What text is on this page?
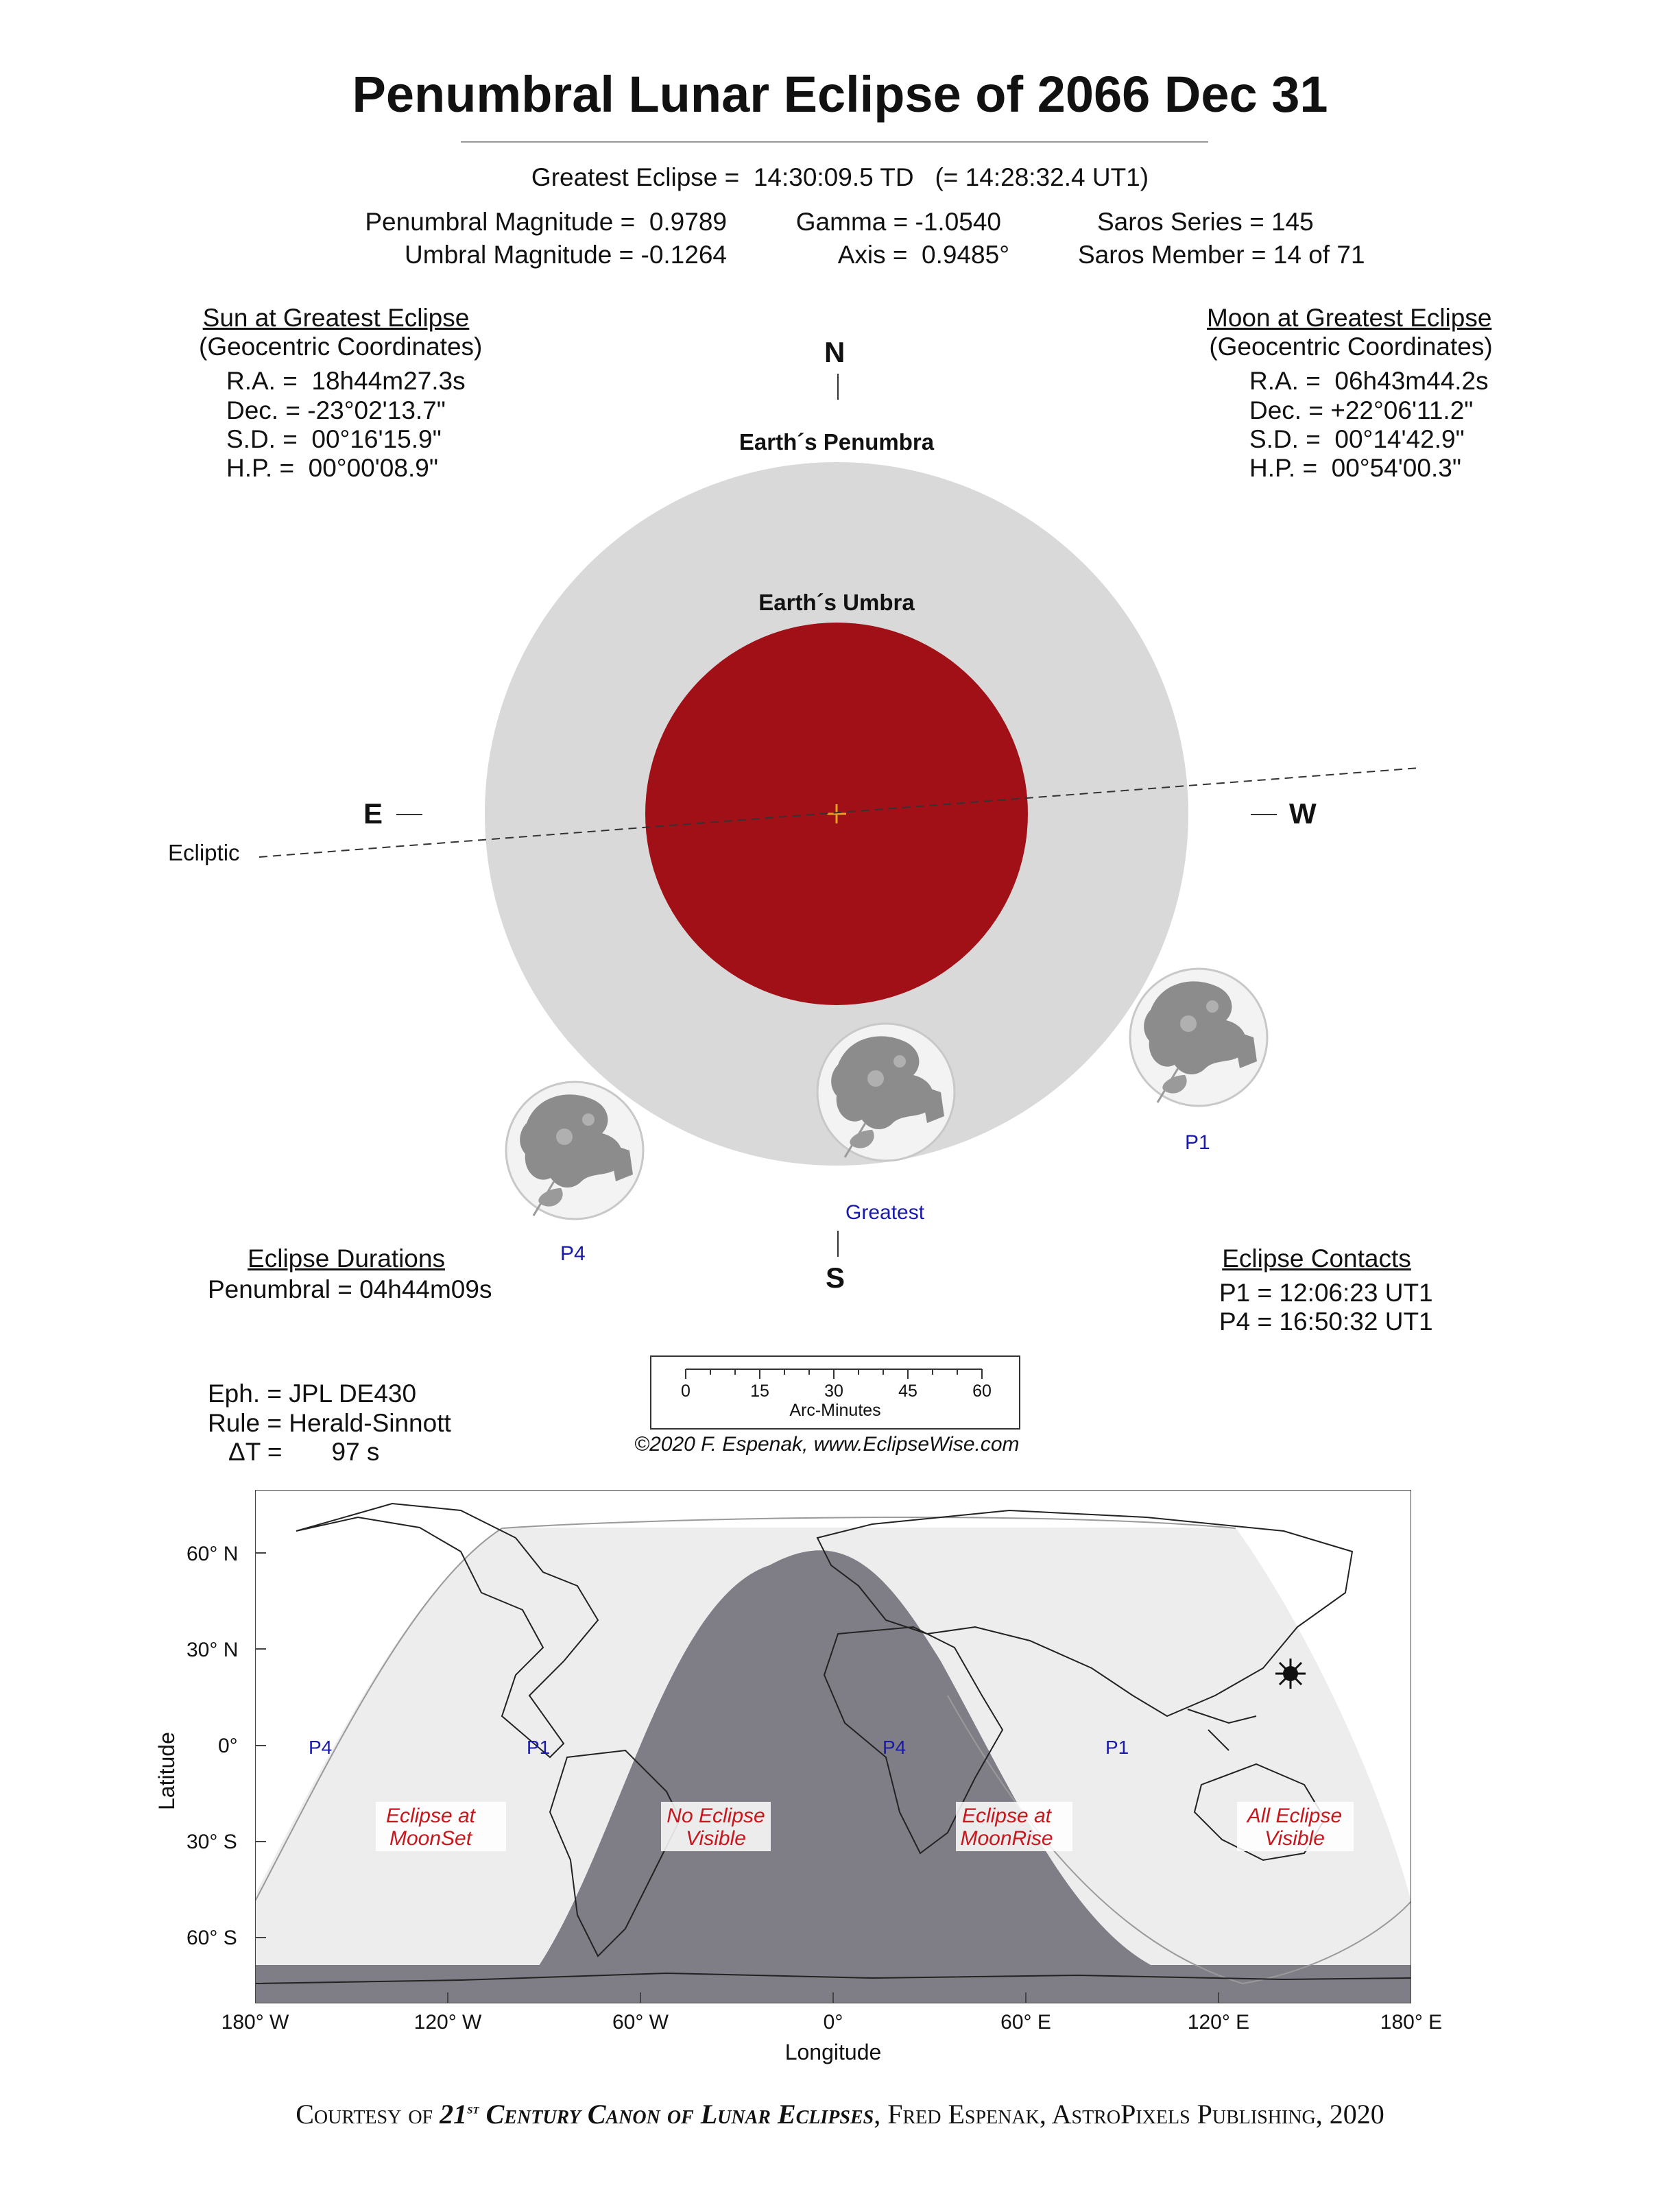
Penumbral Lunar Eclipse of 2066 Dec 31
Greatest Eclipse =  14:30:09.5 TD   (= 14:28:32.4 UT1)
Penumbral Magnitude =  0.9789
Umbral Magnitude = -0.1264
Gamma = -1.0540
Axis =  0.9485°
Saros Series = 145
Saros Member = 14 of 71
Sun at Greatest Eclipse
(Geocentric Coordinates)
R.A. =  18h44m27.3s
Dec. = -23°02'13.7"
S.D. =  00°16'15.9"
H.P. =  00°00'08.9"
Moon at Greatest Eclipse
(Geocentric Coordinates)
R.A. =  06h43m44.2s
Dec. = +22°06'11.2"
S.D. =  00°14'42.9"
H.P. =  00°54'00.3"
N
S
E	W
Earth´s Penumbra
Earth´s Umbra
Ecliptic
P1
P4
Greatest
Eclipse Durations
Penumbral = 04h44m09s
Eclipse Contacts
P1 = 12:06:23 UT1
P4 = 16:50:32 UT1
Eph. = JPL DE430
Rule = Herald-Sinnott
ΔT =       97 s
0	15	30	45	60
Arc-Minutes
©2020 F. Espenak, www.EclipseWise.com
Eclipse at
MoonSet
No Eclipse
Visible
Eclipse at
MoonRise
All Eclipse
Visible
P4	P1	P4	P1
60° N
30° N
0°
30° S
60° S
Latitude
180° W	120° W	60° W	0°	60° E	120° E	180° E
Longitude
Courtesy of 21st Century Canon of Lunar Eclipses, Fred Espenak, AstroPixels Publishing, 2020
